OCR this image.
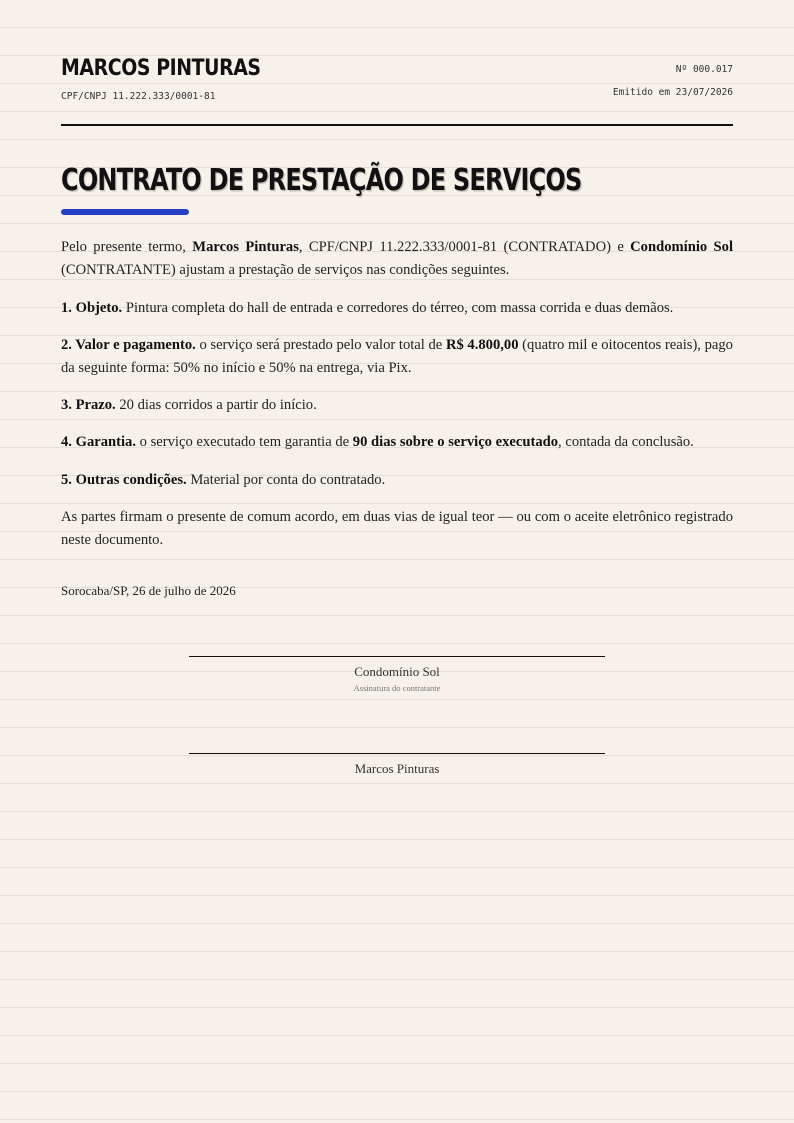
MARCOS PINTURAS
CPF/CNPJ 11.222.333/0001-81
Nº 000.017
Emitido em 23/07/2026
CONTRATO DE PRESTAÇÃO DE SERVIÇOS

Pelo presente termo, Marcos Pinturas, CPF/CNPJ 11.222.333/0001-81 (CONTRATADO) e Condomínio Sol (CONTRATANTE) ajustam a prestação de serviços nas condições seguintes.

1. Objeto. Pintura completa do hall de entrada e corredores do térreo, com massa corrida e duas demãos.

2. Valor e pagamento. o serviço será prestado pelo valor total de R$ 4.800,00 (quatro mil e oitocentos reais), pago da seguinte forma: 50% no início e 50% na entrega, via Pix.

3. Prazo. 20 dias corridos a partir do início.

4. Garantia. o serviço executado tem garantia de 90 dias sobre o serviço executado, contada da conclusão.

5. Outras condições. Material por conta do contratado.

As partes firmam o presente de comum acordo, em duas vias de igual teor — ou com o aceite eletrônico registrado neste documento.

Sorocaba/SP, 26 de julho de 2026
Condomínio Sol
Assinatura do contratante
Marcos Pinturas
